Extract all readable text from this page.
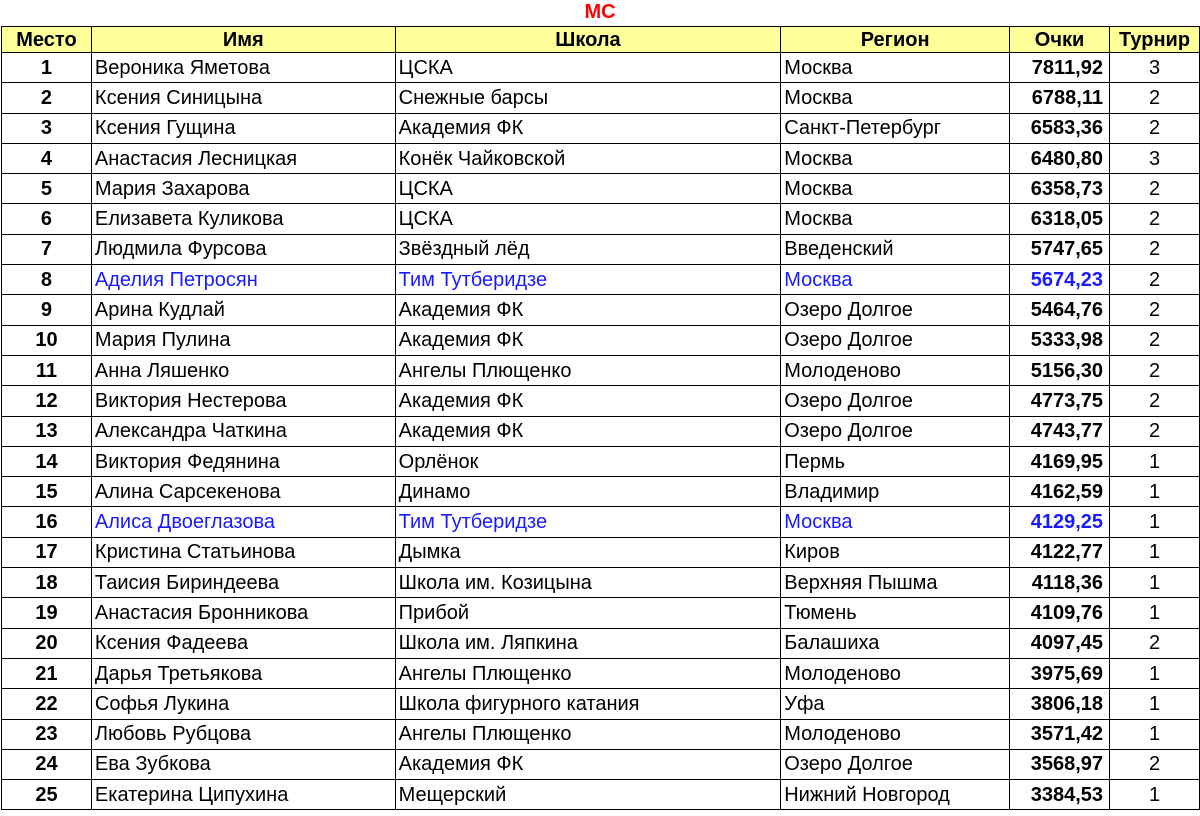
МС
Место	Имя	Школа	Регион	Очки	Турнир
1	Вероника Яметова	ЦСКА	Москва	7811,92	3
2	Ксения Синицына	Снежные барсы	Москва	6788,11	2
3	Ксения Гущина	Академия ФК	Санкт-Петербург	6583,36	2
4	Анастасия Лесницкая	Конёк Чайковской	Москва	6480,80	3
5	Мария Захарова	ЦСКА	Москва	6358,73	2
6	Елизавета Куликова	ЦСКА	Москва	6318,05	2
7	Людмила Фурсова	Звёздный лёд	Введенский	5747,65	2
8	Аделия Петросян	Тим Тутберидзе	Москва	5674,23	2
9	Арина Кудлай	Академия ФК	Озеро Долгое	5464,76	2
10	Мария Пулина	Академия ФК	Озеро Долгое	5333,98	2
11	Анна Ляшенко	Ангелы Плющенко	Молоденово	5156,30	2
12	Виктория Нестерова	Академия ФК	Озеро Долгое	4773,75	2
13	Александра Чаткина	Академия ФК	Озеро Долгое	4743,77	2
14	Виктория Федянина	Орлёнок	Пермь	4169,95	1
15	Алина Сарсекенова	Динамо	Владимир	4162,59	1
16	Алиса Двоеглазова	Тим Тутберидзе	Москва	4129,25	1
17	Кристина Статьинова	Дымка	Киров	4122,77	1
18	Таисия Бириндеева	Школа им. Козицына	Верхняя Пышма	4118,36	1
19	Анастасия Бронникова	Прибой	Тюмень	4109,76	1
20	Ксения Фадеева	Школа им. Ляпкина	Балашиха	4097,45	2
21	Дарья Третьякова	Ангелы Плющенко	Молоденово	3975,69	1
22	Софья Лукина	Школа фигурного катания	Уфа	3806,18	1
23	Любовь Рубцова	Ангелы Плющенко	Молоденово	3571,42	1
24	Ева Зубкова	Академия ФК	Озеро Долгое	3568,97	2
25	Екатерина Ципухина	Мещерский	Нижний Новгород	3384,53	1
